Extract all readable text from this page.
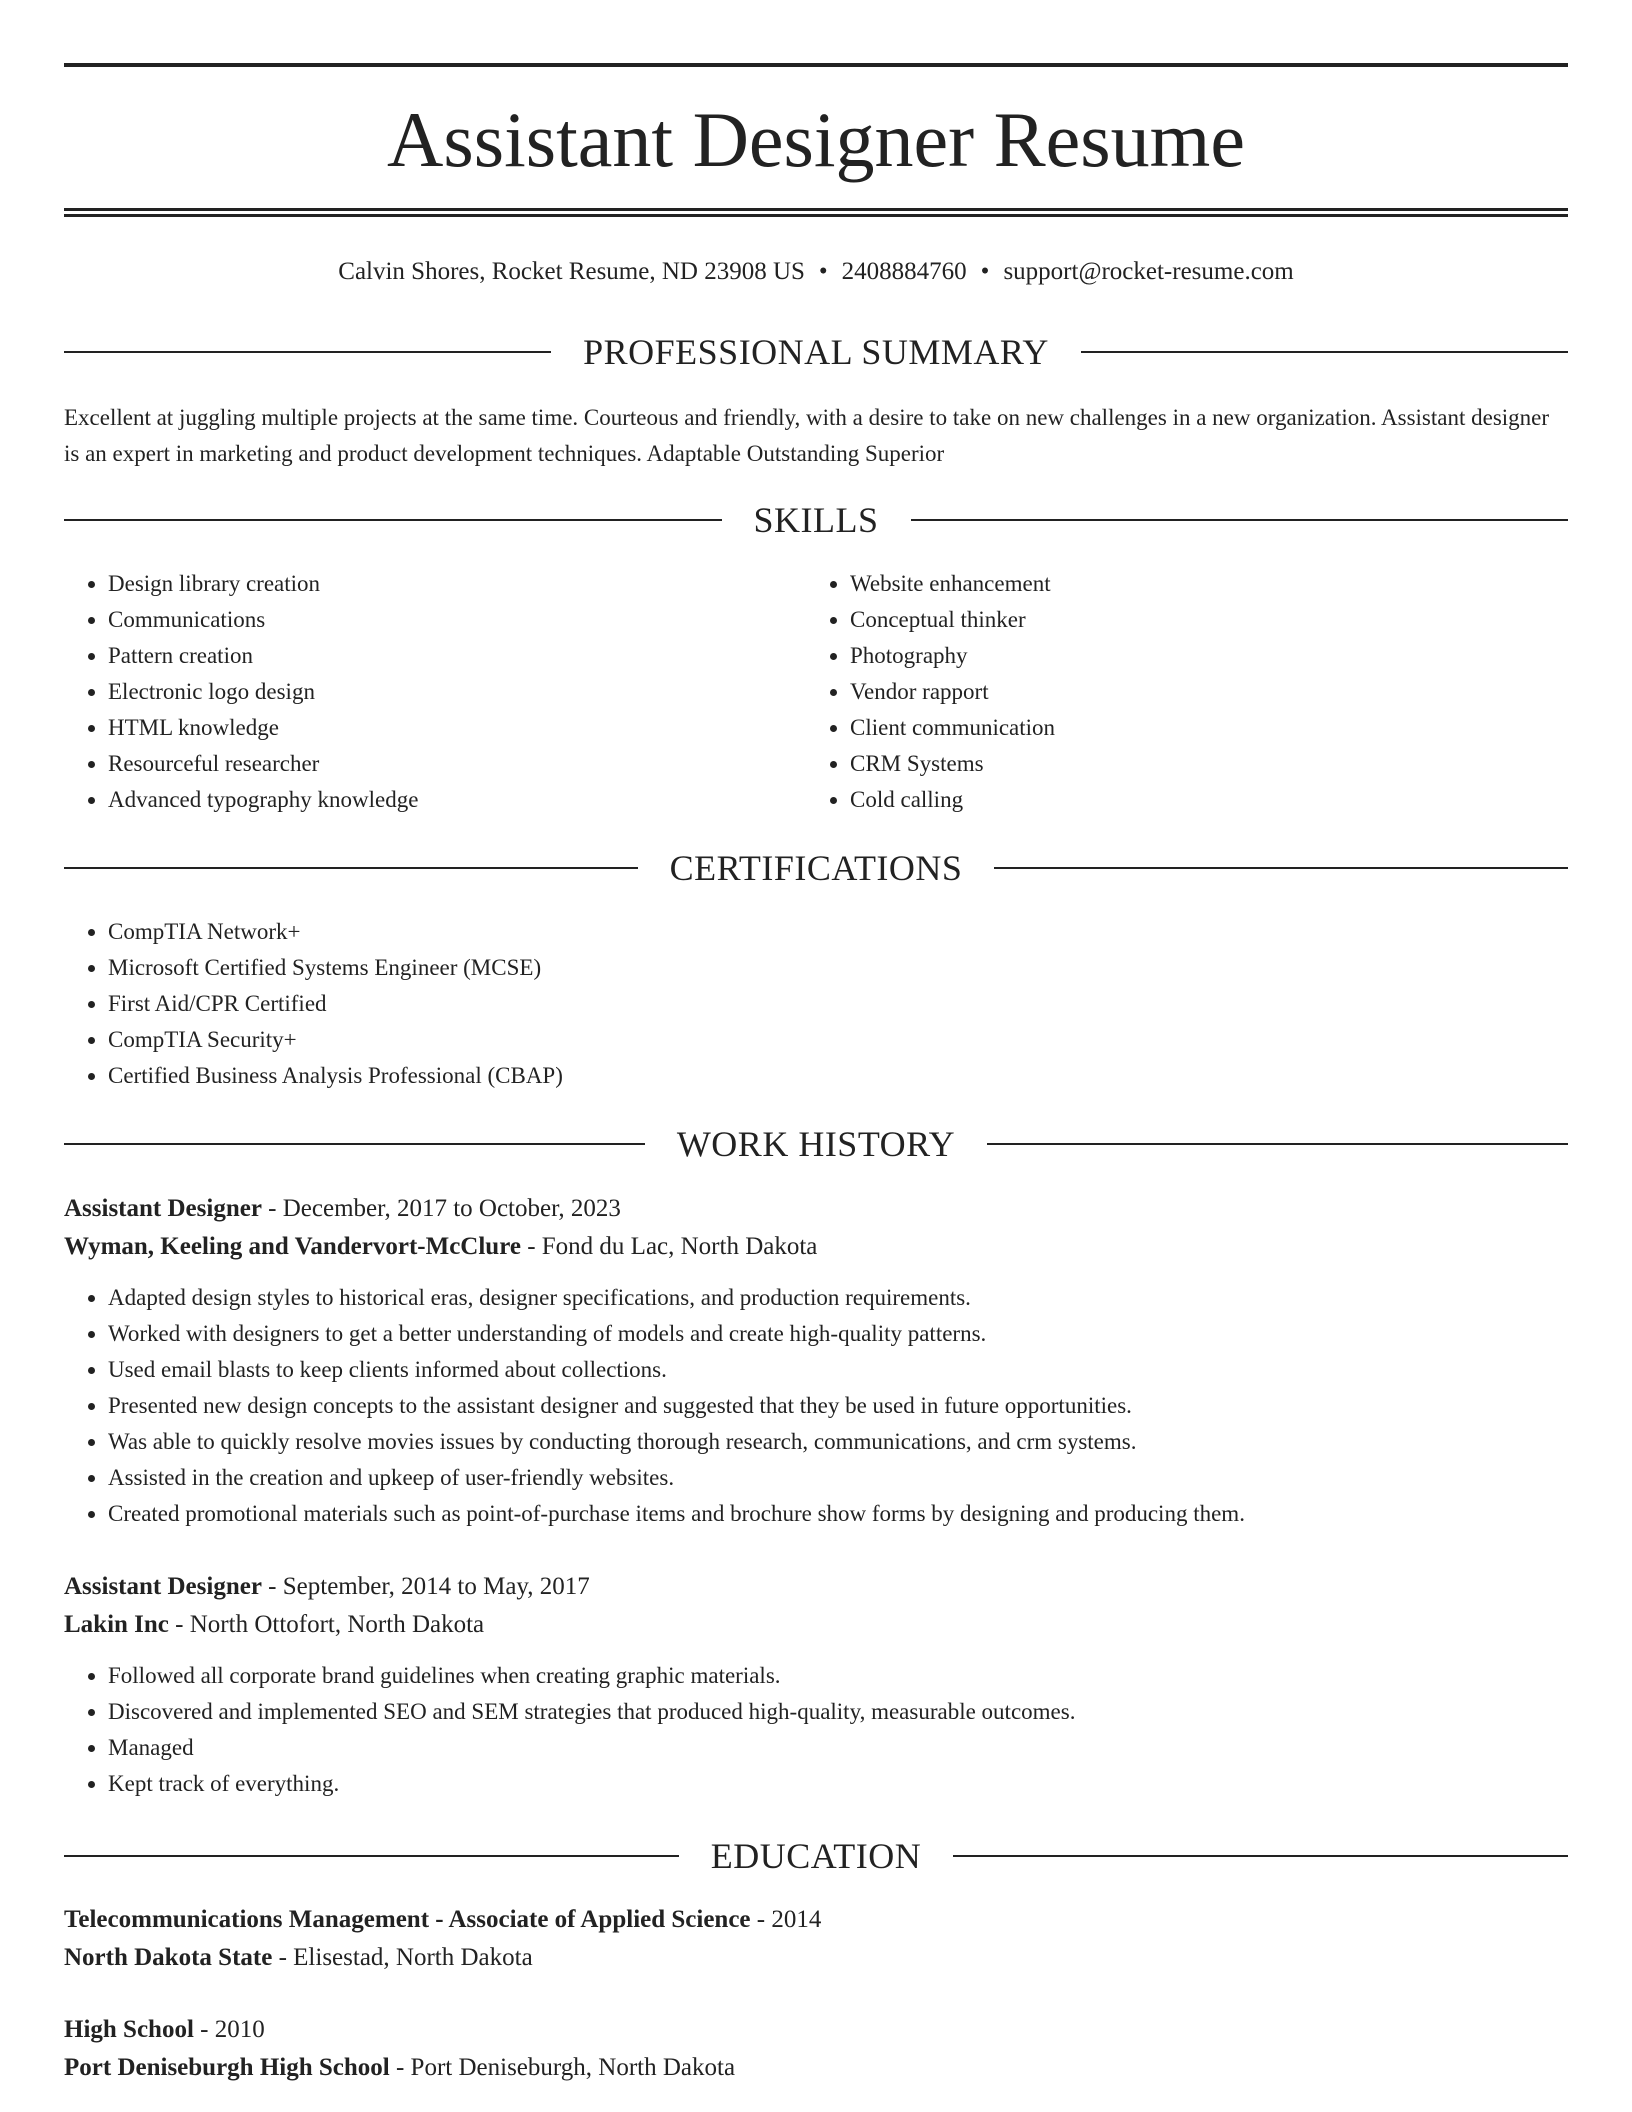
Assistant Designer Resume
Calvin Shores, Rocket Resume, ND 23908 US • 2408884760 • support@rocket-resume.com
PROFESSIONAL SUMMARY

Excellent at juggling multiple projects at the same time. Courteous and friendly, with a desire to take on new challenges in a new organization. Assistant designer is an expert in marketing and product development techniques. Adaptable Outstanding Superior

SKILLS
• Design library creation
• Communications
• Pattern creation
• Electronic logo design
• HTML knowledge
• Resourceful researcher
• Advanced typography knowledge
• Website enhancement
• Conceptual thinker
• Photography
• Vendor rapport
• Client communication
• CRM Systems
• Cold calling
CERTIFICATIONS
• CompTIA Network+
• Microsoft Certified Systems Engineer (MCSE)
• First Aid/CPR Certified
• CompTIA Security+
• Certified Business Analysis Professional (CBAP)
WORK HISTORY
Assistant Designer - December, 2017 to October, 2023
Wyman, Keeling and Vandervort-McClure - Fond du Lac, North Dakota
• Adapted design styles to historical eras, designer specifications, and production requirements.
• Worked with designers to get a better understanding of models and create high-quality patterns.
• Used email blasts to keep clients informed about collections.
• Presented new design concepts to the assistant designer and suggested that they be used in future opportunities.
• Was able to quickly resolve movies issues by conducting thorough research, communications, and crm systems.
• Assisted in the creation and upkeep of user-friendly websites.
• Created promotional materials such as point-of-purchase items and brochure show forms by designing and producing them.
Assistant Designer - September, 2014 to May, 2017
Lakin Inc - North Ottofort, North Dakota
• Followed all corporate brand guidelines when creating graphic materials.
• Discovered and implemented SEO and SEM strategies that produced high-quality, measurable outcomes.
• Managed
• Kept track of everything.
EDUCATION
Telecommunications Management - Associate of Applied Science - 2014
North Dakota State - Elisestad, North Dakota
High School - 2010
Port Deniseburgh High School - Port Deniseburgh, North Dakota
